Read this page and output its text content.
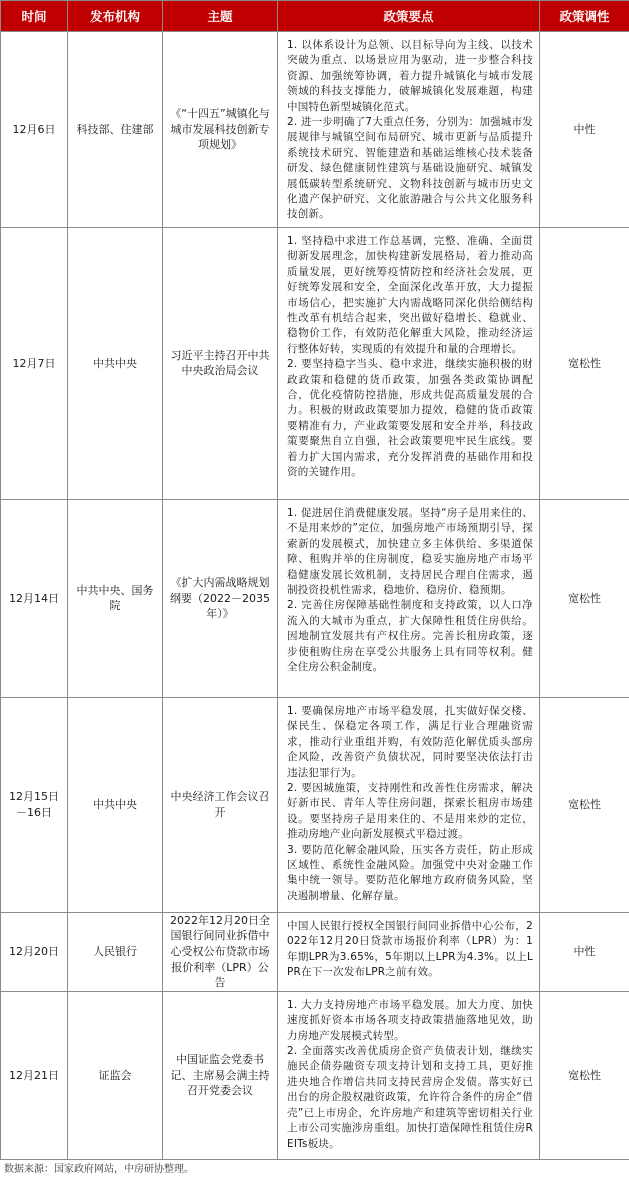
时间	发布机构	主题	政策要点	政策调性
12月6日	科技部、住建部	《“十四五”城镇化与城市发展科技创新专项规划》	1. 以体系设计为总领、以目标导向为主线、以技术突破为重点、以场景应用为驱动，进一步整合科技资源、加强统筹协调，着力提升城镇化与城市发展领域的科技支撑能力，破解城镇化发展难题，构建中国特色新型城镇化范式。

2. 进一步明确了7大重点任务，分别为：加强城市发展规律与城镇空间布局研究、城市更新与品质提升系统技术研究、智能建造和基础运维核心技术装备研发、绿色健康韧性建筑与基础设施研究、城镇发展低碳转型系统研究、文物科技创新与城市历史文化遗产保护研究、文化旅游融合与公共文化服务科技创新。	中性
12月7日	中共中央	习近平主持召开中共中央政治局会议	1. 坚持稳中求进工作总基调，完整、准确、全面贯彻新发展理念，加快构建新发展格局，着力推动高质量发展，更好统筹疫情防控和经济社会发展，更好统筹发展和安全，全面深化改革开放，大力提振市场信心，把实施扩大内需战略同深化供给侧结构性改革有机结合起来，突出做好稳增长、稳就业、稳物价工作，有效防范化解重大风险，推动经济运行整体好转，实现质的有效提升和量的合理增长。

2. 要坚持稳字当头、稳中求进，继续实施积极的财政政策和稳健的货币政策，加强各类政策协调配合，优化疫情防控措施，形成共促高质量发展的合力。积极的财政政策要加力提效，稳健的货币政策要精准有力，产业政策要发展和安全并举，科技政策要聚焦自立自强，社会政策要兜牢民生底线。要着力扩大国内需求，充分发挥消费的基础作用和投资的关键作用。	宽松性
12月14日	中共中央、国务院	《扩大内需战略规划纲要（2022－2035年）》	1. 促进居住消费健康发展。坚持“房子是用来住的、不是用来炒的”定位，加强房地产市场预期引导，探索新的发展模式，加快建立多主体供给、多渠道保障、租购并举的住房制度，稳妥实施房地产市场平稳健康发展长效机制，支持居民合理自住需求，遏制投资投机性需求，稳地价、稳房价、稳预期。

2. 完善住房保障基础性制度和支持政策，以人口净流入的大城市为重点，扩大保障性租赁住房供给。因地制宜发展共有产权住房。完善长租房政策，逐步使租购住房在享受公共服务上具有同等权利。健全住房公积金制度。	宽松性
12月15日－16日	中共中央	中央经济工作会议召开	1. 要确保房地产市场平稳发展，扎实做好保交楼、保民生、保稳定各项工作，满足行业合理融资需求，推动行业重组并购，有效防范化解优质头部房企风险，改善资产负债状况，同时要坚决依法打击违法犯罪行为。

2. 要因城施策，支持刚性和改善性住房需求，解决好新市民、青年人等住房问题，探索长租房市场建设。要坚持房子是用来住的、不是用来炒的定位，推动房地产业向新发展模式平稳过渡。

3. 要防范化解金融风险，压实各方责任，防止形成区域性、系统性金融风险。加强党中央对金融工作集中统一领导。要防范化解地方政府债务风险，坚决遏制增量、化解存量。	宽松性
12月20日	人民银行	2022年12月20日全国银行间同业拆借中心受权公布贷款市场报价利率（LPR）公告	中国人民银行授权全国银行间同业拆借中心公布，2022年12月20日贷款市场报价利率（LPR）为：1年期LPR为3.65%，5年期以上LPR为4.3%。以上LPR在下一次发布LPR之前有效。	中性
12月21日	证监会	中国证监会党委书记、主席易会满主持召开党委会议	1. 大力支持房地产市场平稳发展。加大力度、加快速度抓好资本市场各项支持政策措施落地见效，助力房地产发展模式转型。

2. 全面落实改善优质房企资产负债表计划，继续实施民企债券融资专项支持计划和支持工具，更好推进央地合作增信共同支持民营房企发债。落实好已出台的房企股权融资政策，允许符合条件的房企“借壳”已上市房企，允许房地产和建筑等密切相关行业上市公司实施涉房重组。加快打造保障性租赁住房REITs板块。	宽松性
数据来源：国家政府网站，中房研协整理。
